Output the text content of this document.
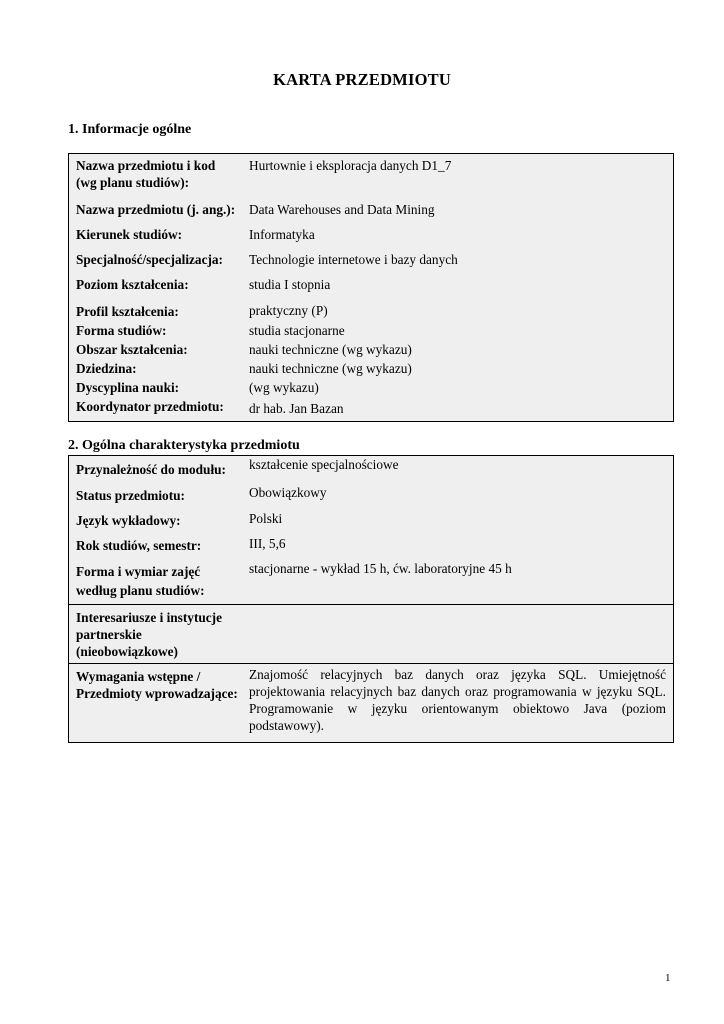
KARTA PRZEDMIOTU
1. Informacje ogólne
Nazwa przedmiotu i kod (wg planu studiów):	Hurtownie i eksploracja danych D1_7
Nazwa przedmiotu (j. ang.):	Data Warehouses and Data Mining
Kierunek studiów:	Informatyka
Specjalność/specjalizacja:	Technologie internetowe i bazy danych
Poziom kształcenia:	studia I stopnia
Profil kształcenia:	praktyczny (P)
Forma studiów:	studia stacjonarne
Obszar kształcenia:	nauki techniczne (wg wykazu)
Dziedzina:	nauki techniczne (wg wykazu)
Dyscyplina nauki:	(wg wykazu)
Koordynator przedmiotu:	dr hab. Jan Bazan
2. Ogólna charakterystyka przedmiotu
Przynależność do modułu:	kształcenie specjalnościowe
Status przedmiotu:	Obowiązkowy
Język wykładowy:	Polski
Rok studiów, semestr:	III, 5,6
Forma i wymiar zajęć według planu studiów:	stacjonarne - wykład 15 h, ćw. laboratoryjne 45 h
Interesariusze i instytucje partnerskie (nieobowiązkowe)	
Wymagania wstępne / Przedmioty wprowadzające:	Znajomość relacyjnych baz danych oraz języka SQL. Umiejętność projektowania relacyjnych baz danych oraz programowania w języku SQL. Programowanie w języku orientowanym obiektowo Java (poziom podstawowy).
1
